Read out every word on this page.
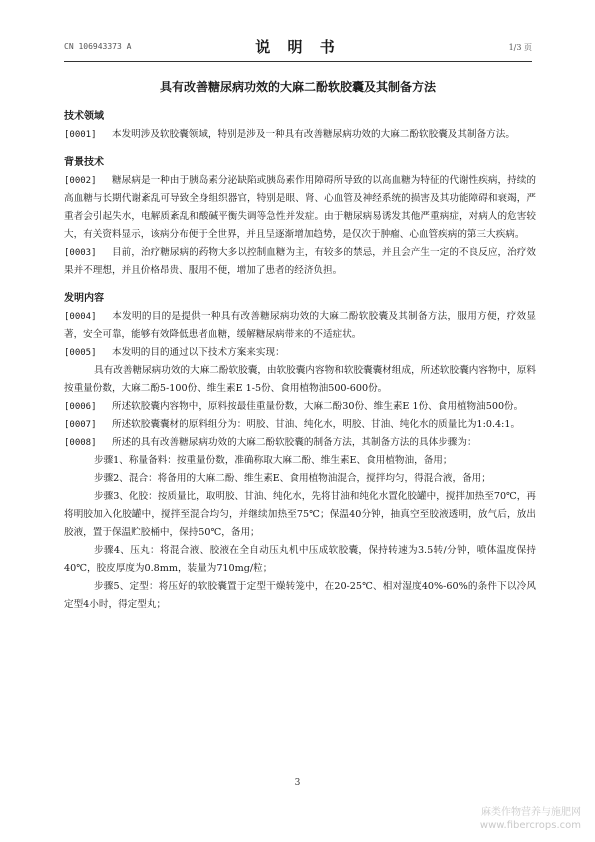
CN 106943373 A	说 明 书	1/3 页
具有改善糖尿病功效的大麻二酚软胶囊及其制备方法
技术领域
[0001] 本发明涉及软胶囊领域，特别是涉及一种具有改善糖尿病功效的大麻二酚软胶囊及其制备方法。
背景技术
[0002] 糖尿病是一种由于胰岛素分泌缺陷或胰岛素作用障碍所导致的以高血糖为特征的代谢性疾病，持续的高血糖与长期代谢紊乱可导致全身组织器官，特别是眼、肾、心血管及神经系统的损害及其功能障碍和衰竭，严重者会引起失水，电解质紊乱和酸碱平衡失调等急性并发症。由于糖尿病易诱发其他严重病症，对病人的危害较大，有关资料显示，该病分布便于全世界，并且呈逐渐增加趋势，是仅次于肿瘤、心血管疾病的第三大疾病。
[0003] 目前，治疗糖尿病的药物大多以控制血糖为主，有较多的禁忌，并且会产生一定的不良反应，治疗效果并不理想，并且价格昂贵、服用不便，增加了患者的经济负担。
发明内容
[0004] 本发明的目的是提供一种具有改善糖尿病功效的大麻二酚软胶囊及其制备方法，服用方便，疗效显著，安全可靠，能够有效降低患者血糖，缓解糖尿病带来的不适症状。
[0005] 本发明的目的通过以下技术方案来实现：
具有改善糖尿病功效的大麻二酚软胶囊，由软胶囊内容物和软胶囊囊材组成，所述软胶囊内容物中，原料按重量份数，大麻二酚5-100份、维生素E 1-5份、食用植物油500-600份。
[0006] 所述软胶囊内容物中，原料按最佳重量份数，大麻二酚30份、维生素E 1份、食用植物油500份。
[0007] 所述软胶囊囊材的原料组分为：明胶、甘油、纯化水，明胶、甘油、纯化水的质量比为1:0.4:1。
[0008] 所述的具有改善糖尿病功效的大麻二酚软胶囊的制备方法，其制备方法的具体步骤为：
步骤1、称量备料：按重量份数，准确称取大麻二酚、维生素E、食用植物油，备用；
步骤2、混合：将备用的大麻二酚、维生素E、食用植物油混合，搅拌均匀，得混合液，备用；
步骤3、化胶：按质量比，取明胶、甘油、纯化水，先将甘油和纯化水置化胶罐中，搅拌加热至70℃，再将明胶加入化胶罐中，搅拌至混合均匀，并继续加热至75℃；保温40分钟，抽真空至胶液透明，放气后，放出胶液，置于保温贮胶桶中，保持50℃，备用；
步骤4、压丸：将混合液、胶液在全自动压丸机中压成软胶囊，保持转速为3.5转/分钟，喷体温度保持40℃，胶皮厚度为0.8mm，装量为710mg/粒；
步骤5、定型：将压好的软胶囊置于定型干燥转笼中，在20-25℃、相对湿度40%-60%的条件下以冷风定型4小时，得定型丸；
3
麻类作物营养与施肥网
www.fibercrops.com
